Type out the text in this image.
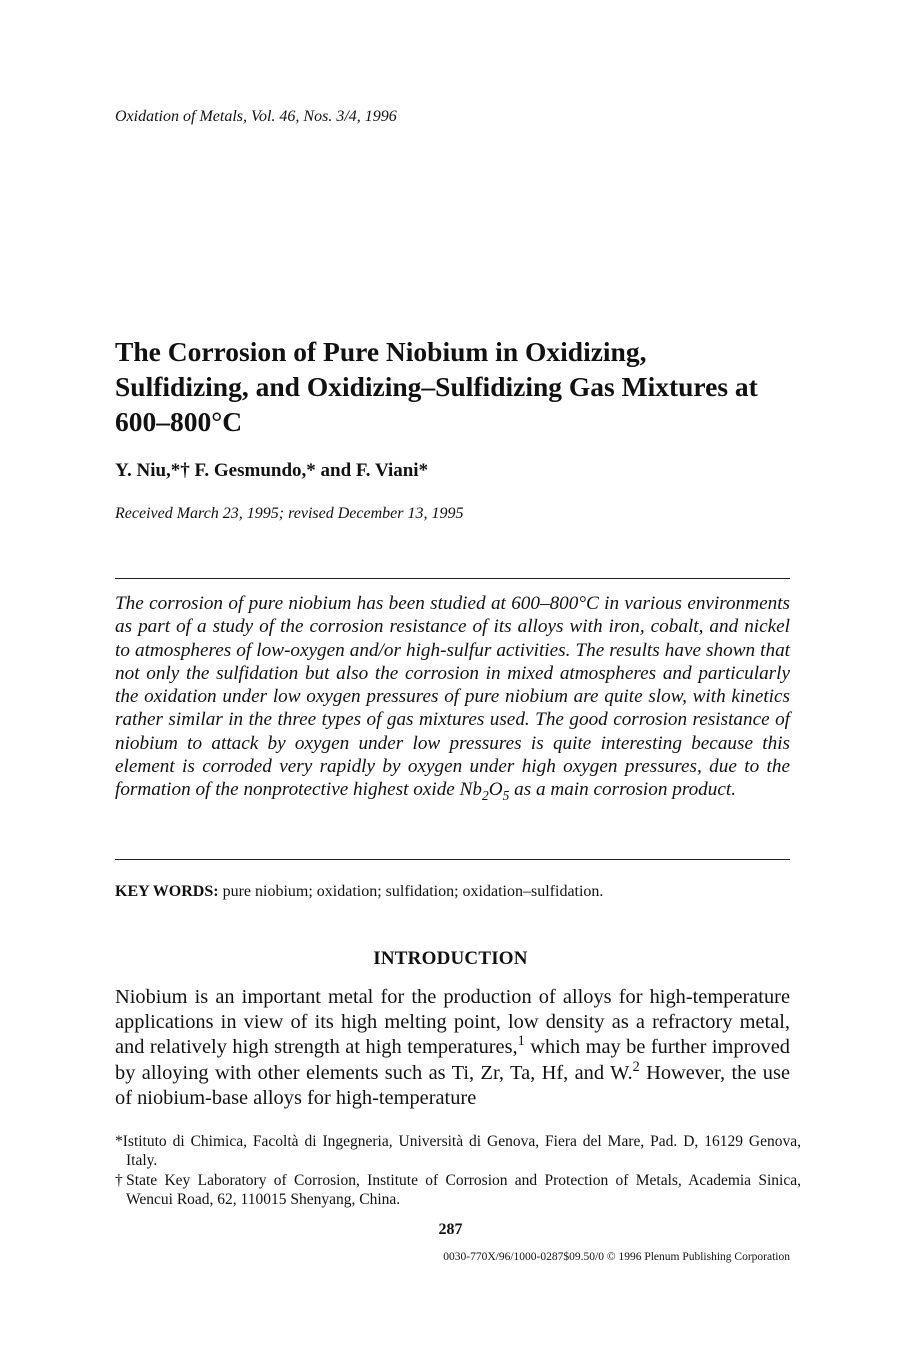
Oxidation of Metals, Vol. 46, Nos. 3/4, 1996
The Corrosion of Pure Niobium in Oxidizing, Sulfidizing, and Oxidizing–Sulfidizing Gas Mixtures at 600–800°C
Y. Niu,*† F. Gesmundo,* and F. Viani*
Received March 23, 1995; revised December 13, 1995
The corrosion of pure niobium has been studied at 600–800°C in various environments as part of a study of the corrosion resistance of its alloys with iron, cobalt, and nickel to atmospheres of low-oxygen and/or high-sulfur activities. The results have shown that not only the sulfidation but also the corrosion in mixed atmospheres and particularly the oxidation under low oxygen pressures of pure niobium are quite slow, with kinetics rather similar in the three types of gas mixtures used. The good corrosion resistance of niobium to attack by oxygen under low pressures is quite interesting because this element is corroded very rapidly by oxygen under high oxygen pressures, due to the formation of the nonprotective highest oxide $Nb_2O_5$ as a main corrosion product.
KEY WORDS: pure niobium; oxidation; sulfidation; oxidation–sulfidation.
INTRODUCTION
Niobium is an important metal for the production of alloys for high-temperature applications in view of its high melting point, low density as a refractory metal, and relatively high strength at high temperatures,$^1$ which may be further improved by alloying with other elements such as Ti, Zr, Ta, Hf, and W.$^2$ However, the use of niobium-base alloys for high-temperature
*Istituto di Chimica, Facoltà di Ingegneria, Università di Genova, Fiera del Mare, Pad. D, 16129 Genova, Italy.
†State Key Laboratory of Corrosion, Institute of Corrosion and Protection of Metals, Academia Sinica, Wencui Road, 62, 110015 Shenyang, China.
287
0030-770X/96/1000-0287$09.50/0 © 1996 Plenum Publishing Corporation
